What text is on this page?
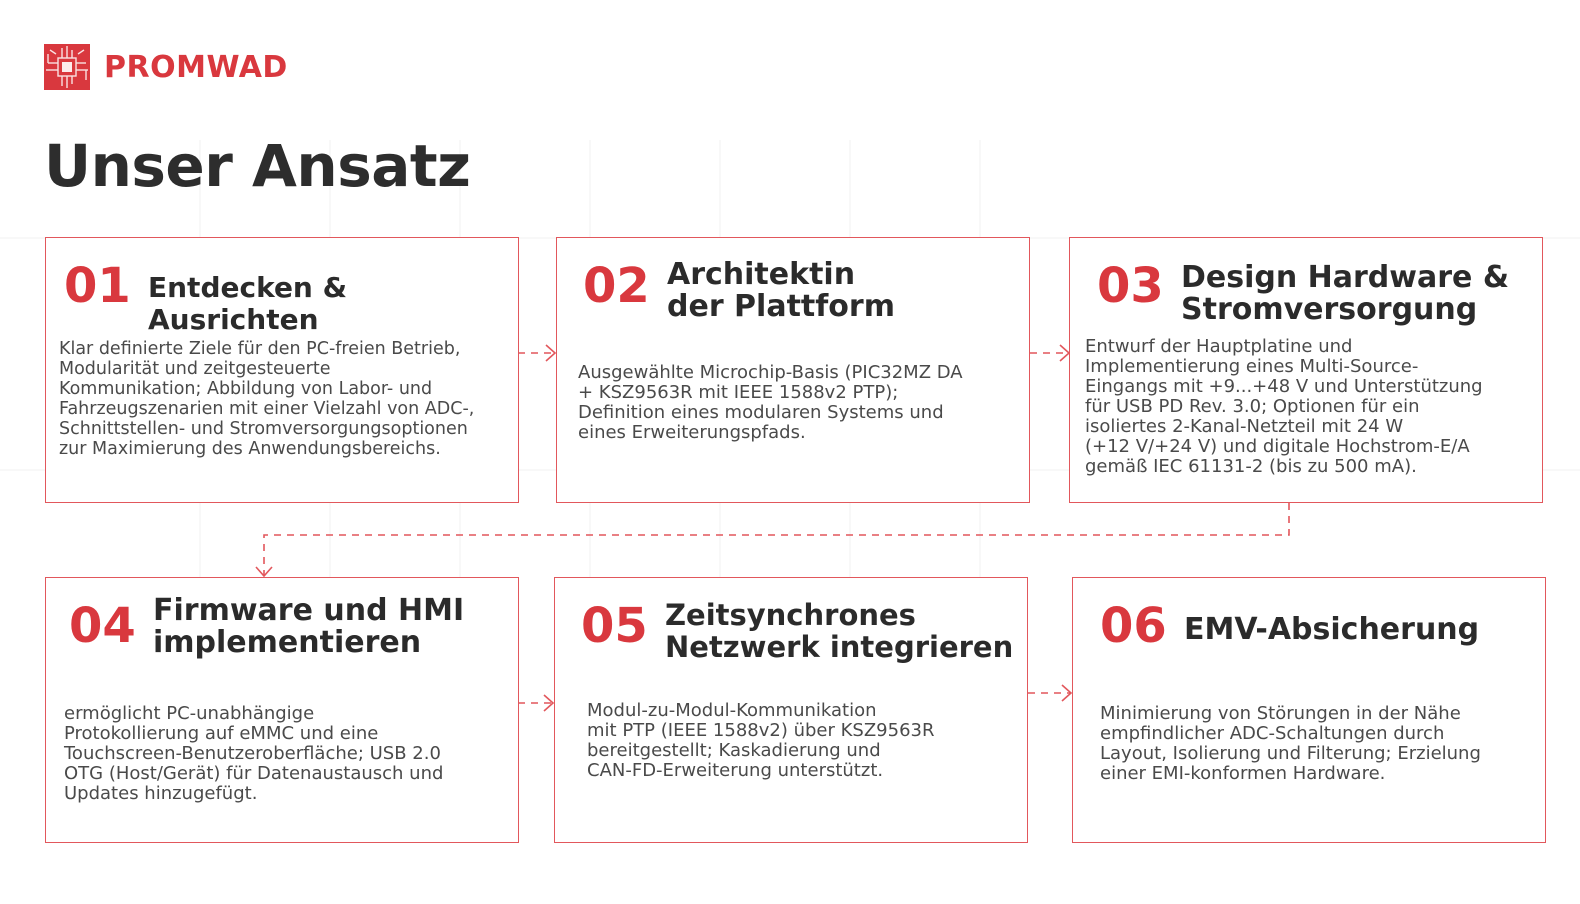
PROMWAD
Unser Ansatz
01 Entdecken & Ausrichten
Klar definierte Ziele für den PC-freien Betrieb,
Modularität und zeitgesteuerte
Kommunikation; Abbildung von Labor- und
Fahrzeugszenarien mit einer Vielzahl von ADC-,
Schnittstellen- und Stromversorgungsoptionen
zur Maximierung des Anwendungsbereichs.
02 Architektin
der Plattform
Ausgewählte Microchip-Basis (PIC32MZ DA
+ KSZ9563R mit IEEE 1588v2 PTP);
Definition eines modularen Systems und
eines Erweiterungspfads.
03 Design Hardware &
Stromversorgung
Entwurf der Hauptplatine und
Implementierung eines Multi-Source-
Eingangs mit +9...+48 V und Unterstützung
für USB PD Rev. 3.0; Optionen für ein
isoliertes 2-Kanal-Netzteil mit 24 W
(+12 V/+24 V) und digitale Hochstrom-E/A
gemäß IEC 61131-2 (bis zu 500 mA).
04 Firmware und HMI
implementieren
ermöglicht PC-unabhängige
Protokollierung auf eMMC und eine
Touchscreen-Benutzeroberfläche; USB 2.0
OTG (Host/Gerät) für Datenaustausch und
Updates hinzugefügt.
05 Zeitsynchrones
Netzwerk integrieren
Modul-zu-Modul-Kommunikation
mit PTP (IEEE 1588v2) über KSZ9563R
bereitgestellt; Kaskadierung und
CAN-FD-Erweiterung unterstützt.
06 EMV-Absicherung
Minimierung von Störungen in der Nähe
empfindlicher ADC-Schaltungen durch
Layout, Isolierung und Filterung; Erzielung
einer EMI-konformen Hardware.
